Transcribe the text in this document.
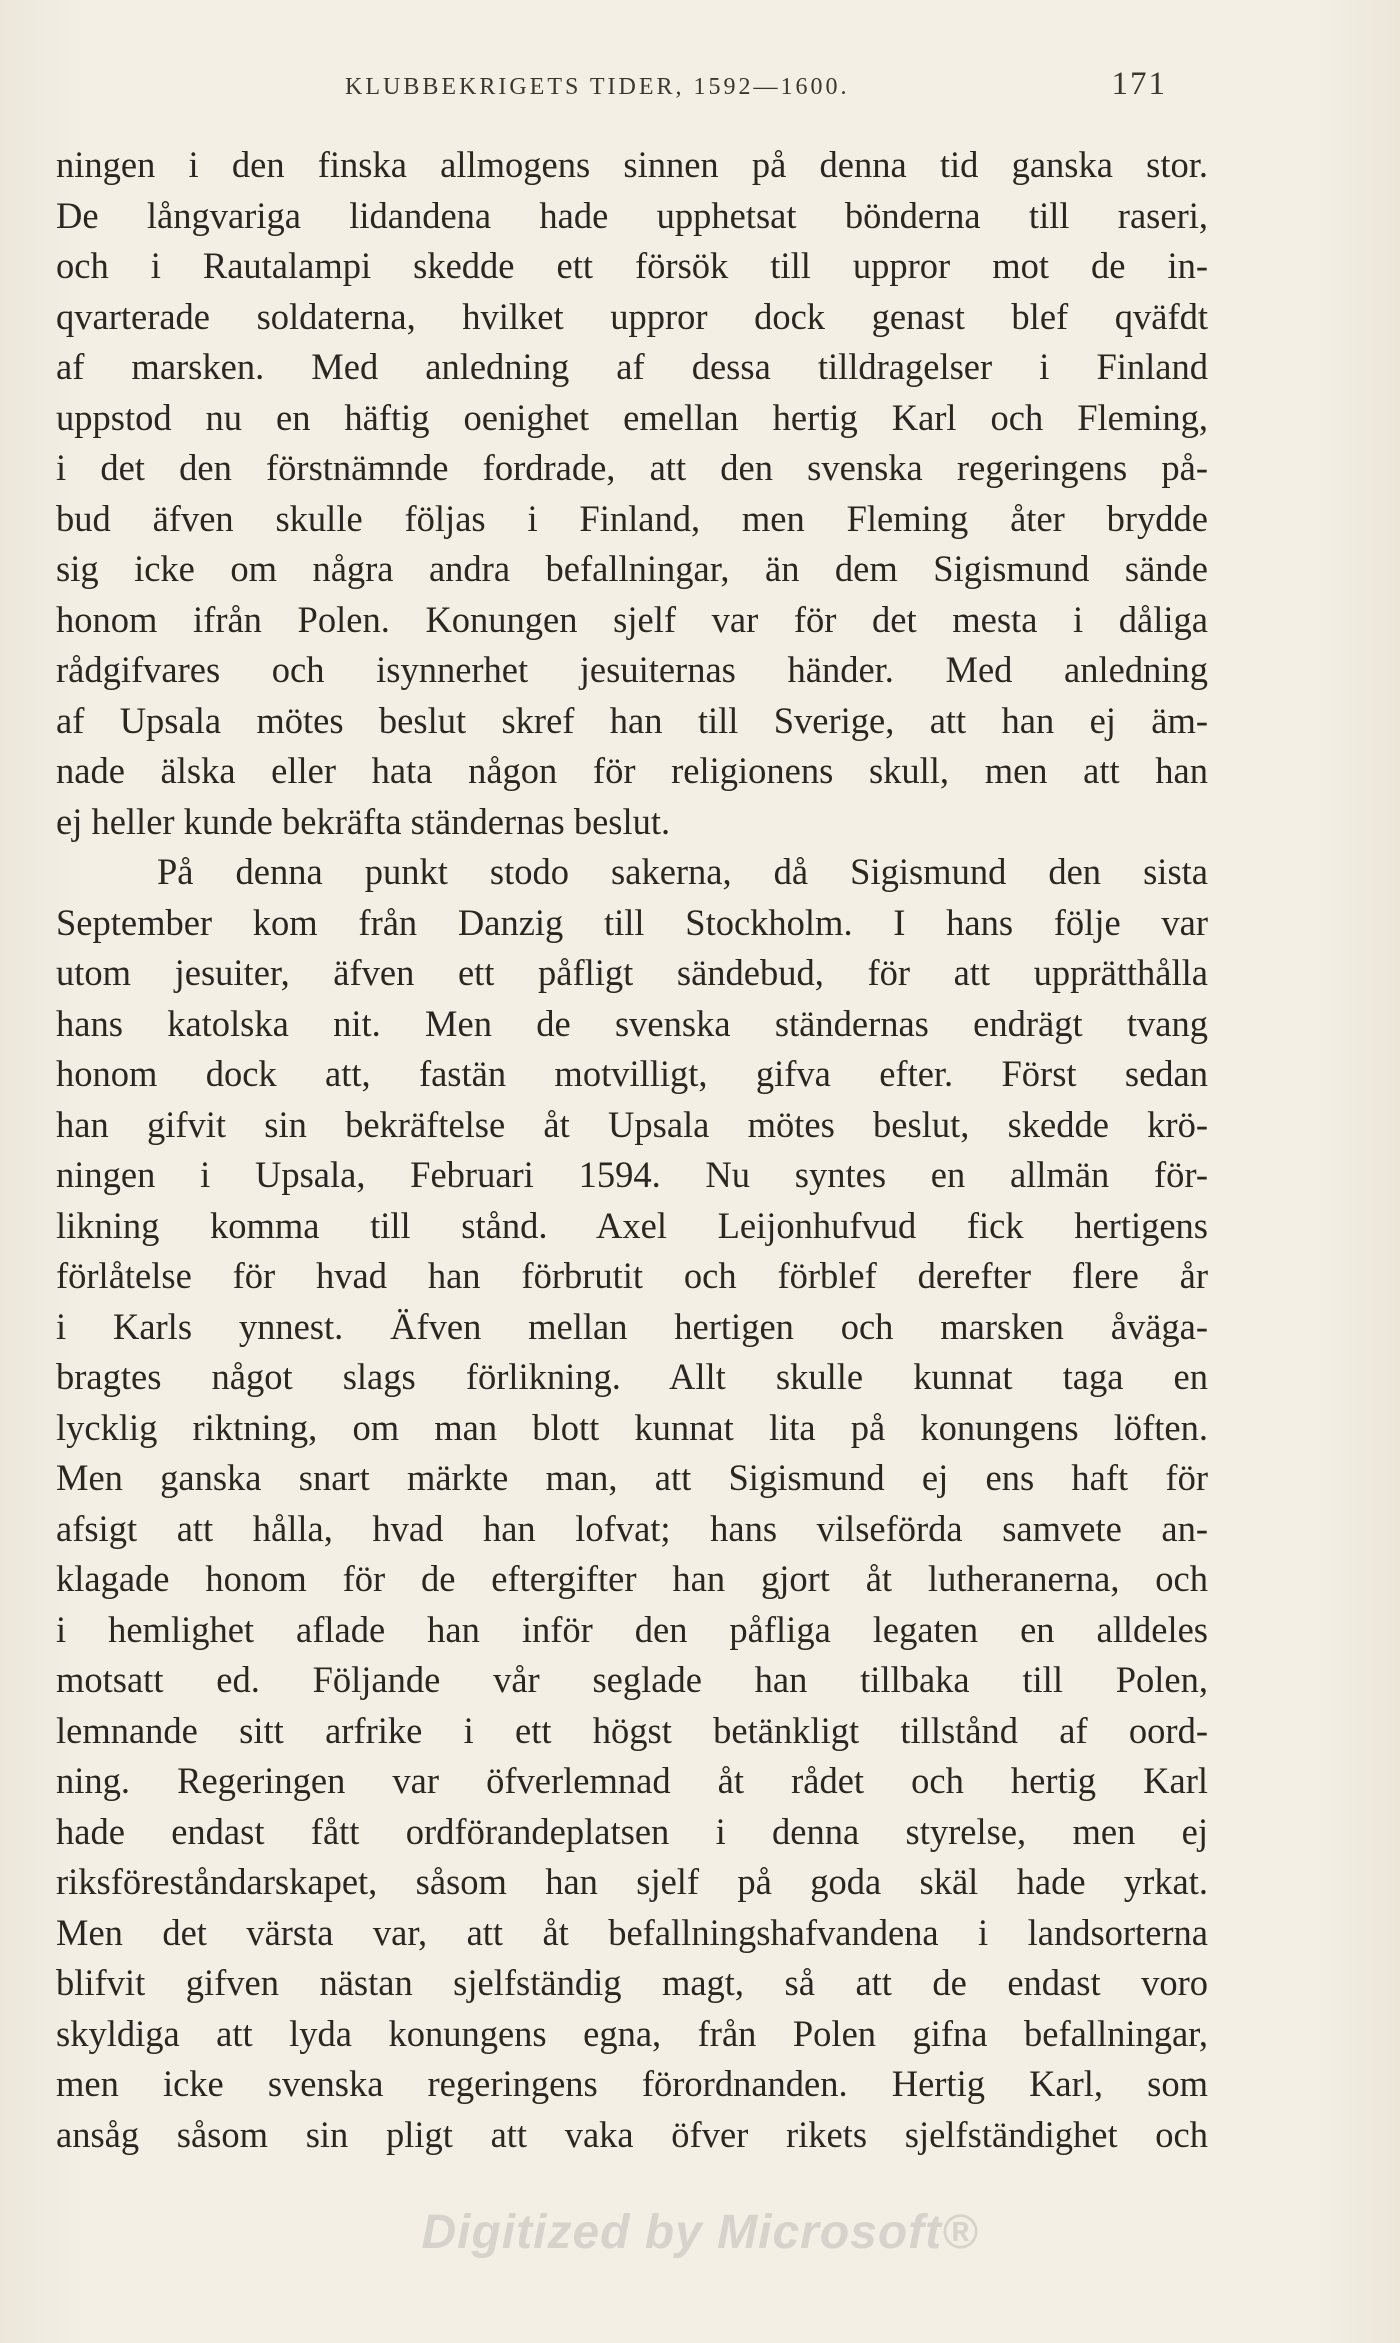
KLUBBEKRIGETS TIDER, 1592—1600.	171
ningen i den finska allmogens sinnen på denna tid ganska stor.
De långvariga lidandena hade upphetsat bönderna till raseri,
och i Rautalampi skedde ett försök till uppror mot de in-
qvarterade soldaterna, hvilket uppror dock genast blef qväfdt
af marsken. Med anledning af dessa tilldragelser i Finland
uppstod nu en häftig oenighet emellan hertig Karl och Fleming,
i det den förstnämnde fordrade, att den svenska regeringens på-
bud äfven skulle följas i Finland, men Fleming åter brydde
sig icke om några andra befallningar, än dem Sigismund sände
honom ifrån Polen. Konungen sjelf var för det mesta i dåliga
rådgifvares och isynnerhet jesuiternas händer. Med anledning
af Upsala mötes beslut skref han till Sverige, att han ej äm-
nade älska eller hata någon för religionens skull, men att han
ej heller kunde bekräfta ständernas beslut.
På denna punkt stodo sakerna, då Sigismund den sista
September kom från Danzig till Stockholm. I hans följe var
utom jesuiter, äfven ett påfligt sändebud, för att upprätthålla
hans katolska nit. Men de svenska ständernas endrägt tvang
honom dock att, fastän motvilligt, gifva efter. Först sedan
han gifvit sin bekräftelse åt Upsala mötes beslut, skedde krö-
ningen i Upsala, Februari 1594. Nu syntes en allmän för-
likning komma till stånd. Axel Leijonhufvud fick hertigens
förlåtelse för hvad han förbrutit och förblef derefter flere år
i Karls ynnest. Äfven mellan hertigen och marsken åväga-
bragtes något slags förlikning. Allt skulle kunnat taga en
lycklig riktning, om man blott kunnat lita på konungens löften.
Men ganska snart märkte man, att Sigismund ej ens haft för
afsigt att hålla, hvad han lofvat; hans vilseförda samvete an-
klagade honom för de eftergifter han gjort åt lutheranerna, och
i hemlighet aflade han inför den påfliga legaten en alldeles
motsatt ed. Följande vår seglade han tillbaka till Polen,
lemnande sitt arfrike i ett högst betänkligt tillstånd af oord-
ning. Regeringen var öfverlemnad åt rådet och hertig Karl
hade endast fått ordförandeplatsen i denna styrelse, men ej
riksföreståndarskapet, såsom han sjelf på goda skäl hade yrkat.
Men det värsta var, att åt befallningshafvandena i landsorterna
blifvit gifven nästan sjelfständig magt, så att de endast voro
skyldiga att lyda konungens egna, från Polen gifna befallningar,
men icke svenska regeringens förordnanden. Hertig Karl, som
ansåg såsom sin pligt att vaka öfver rikets sjelfständighet och
Digitized by Microsoft®
